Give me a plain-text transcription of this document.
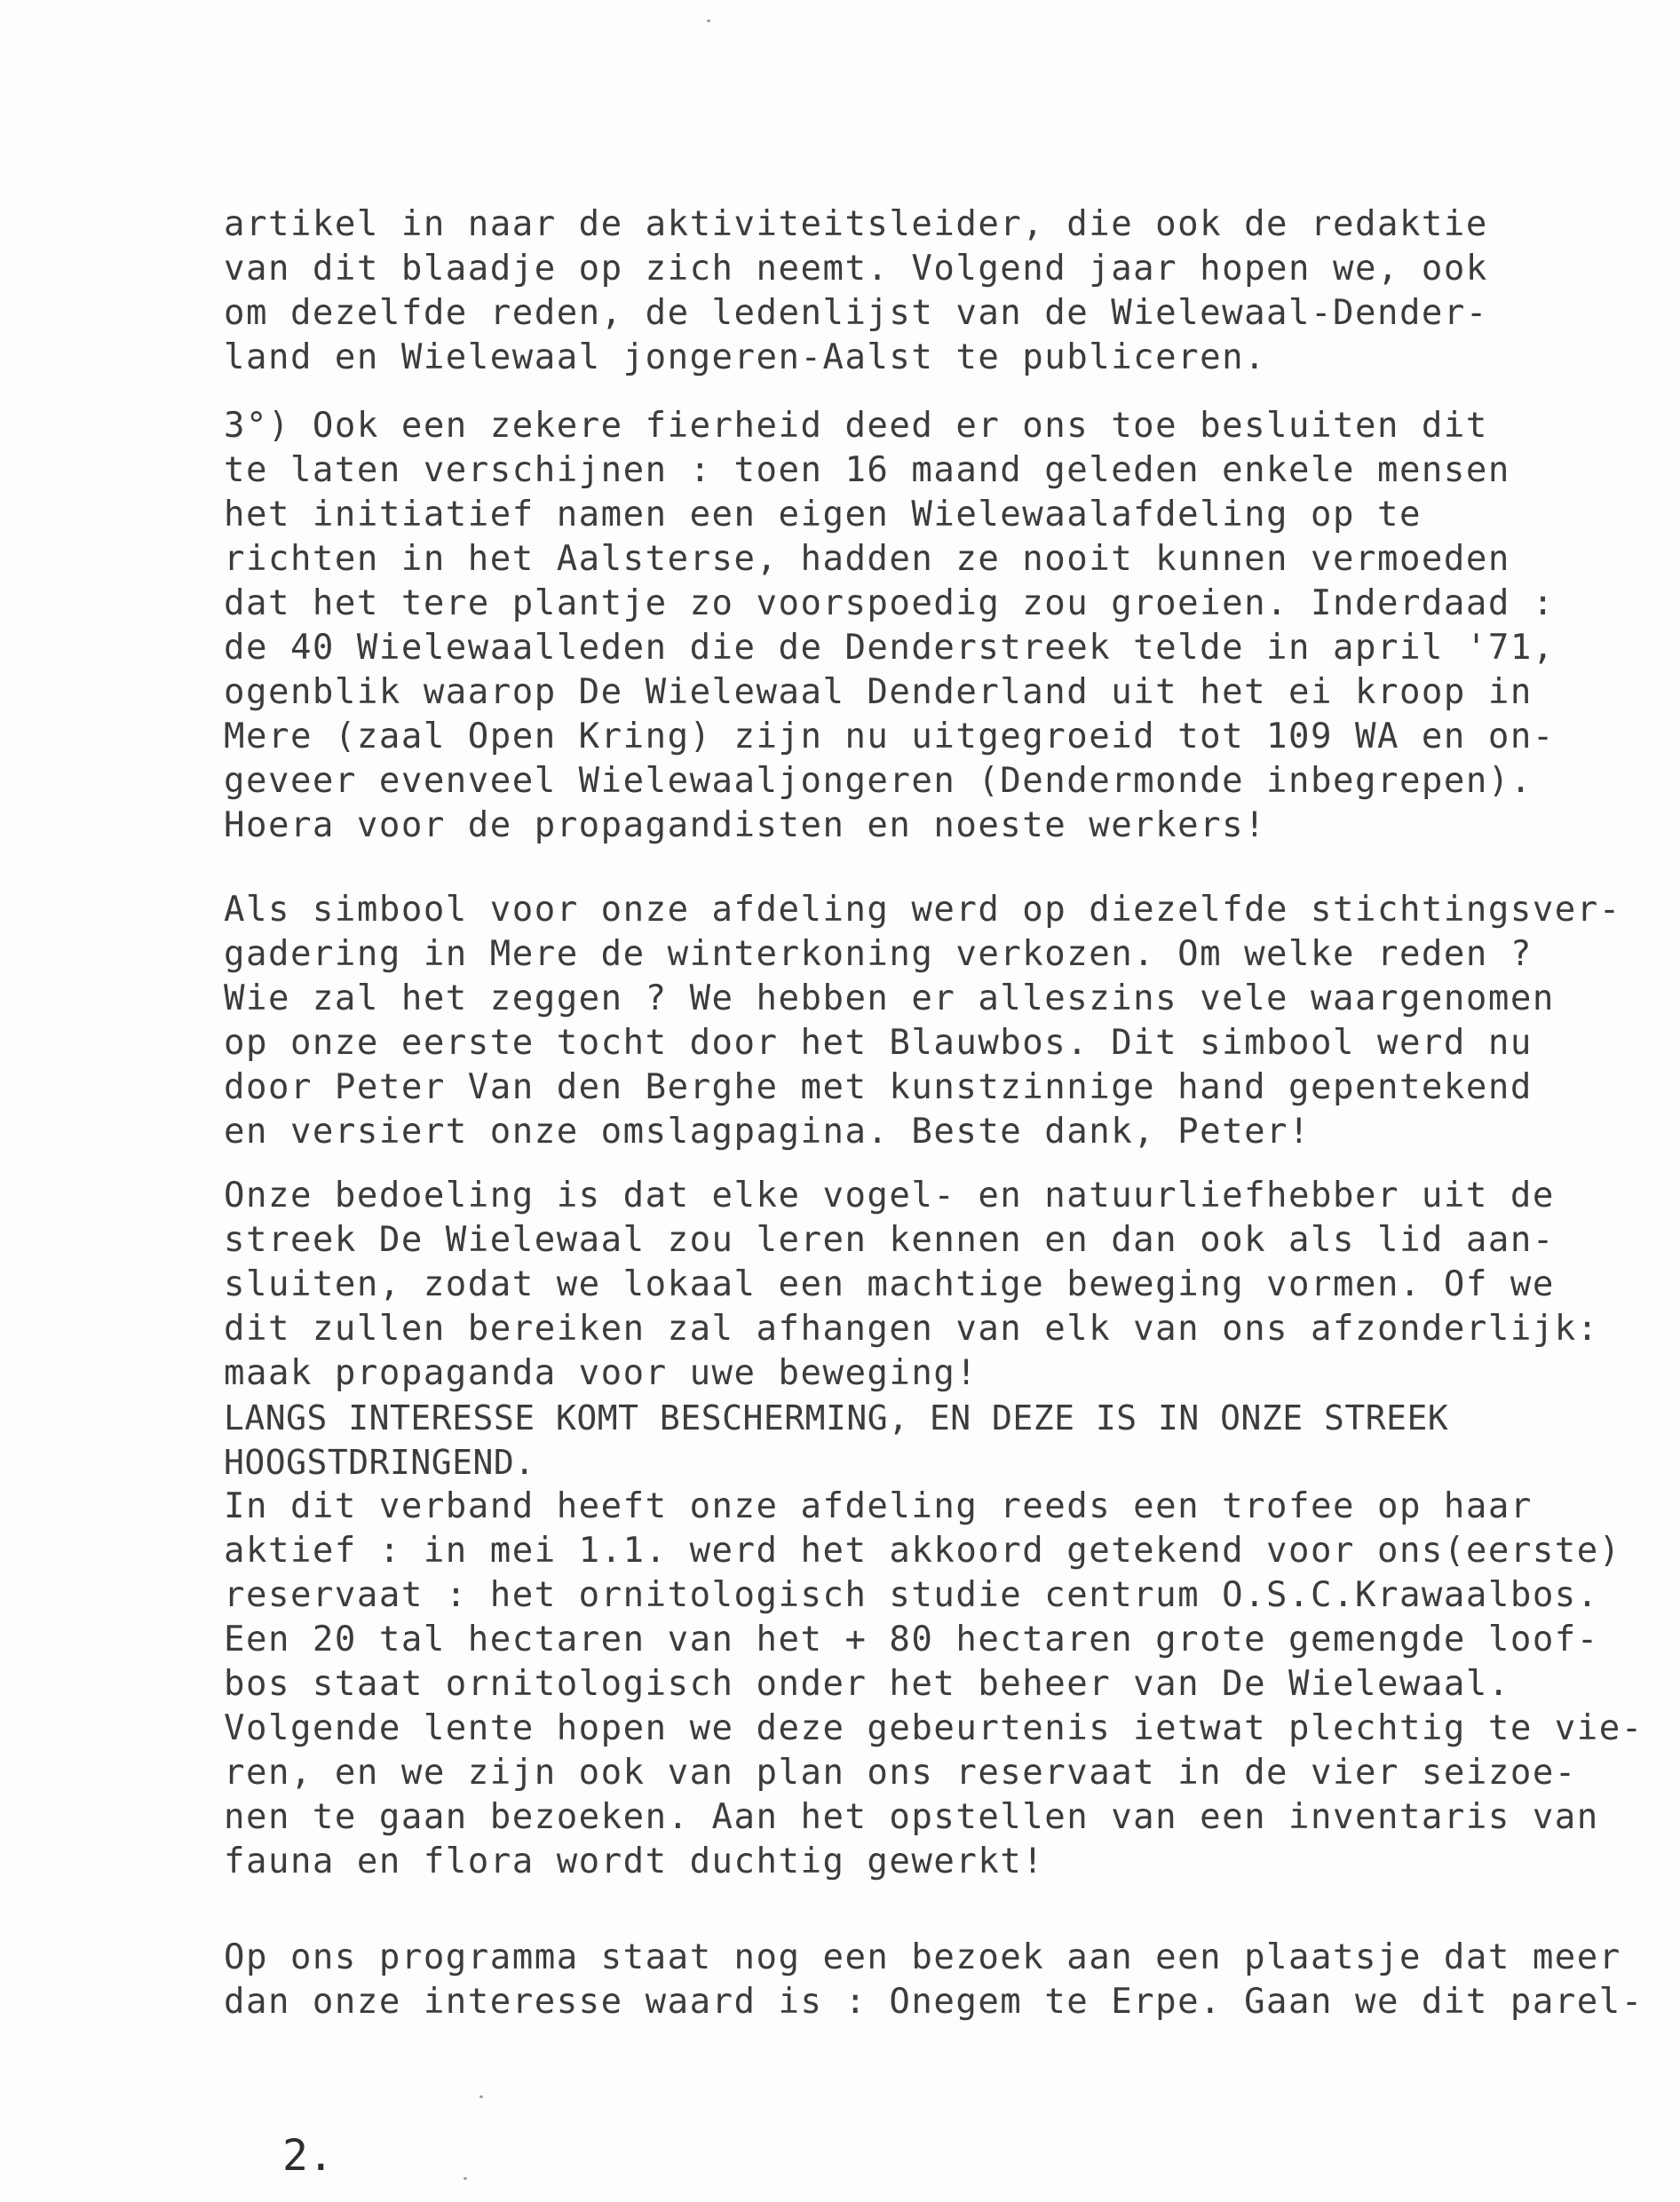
artikel in naar de aktiviteitsleider, die ook de redaktie
van dit blaadje op zich neemt. Volgend jaar hopen we, ook
om dezelfde reden, de ledenlijst van de Wielewaal-Dender-
land en Wielewaal jongeren-Aalst te publiceren.
3°) Ook een zekere fierheid deed er ons toe besluiten dit
te laten verschijnen : toen 16 maand geleden enkele mensen
het initiatief namen een eigen Wielewaalafdeling op te
richten in het Aalsterse, hadden ze nooit kunnen vermoeden
dat het tere plantje zo voorspoedig zou groeien. Inderdaad :
de 40 Wielewaalleden die de Denderstreek telde in april '71,
ogenblik waarop De Wielewaal Denderland uit het ei kroop in
Mere (zaal Open Kring) zijn nu uitgegroeid tot 109 WA en on-
geveer evenveel Wielewaaljongeren (Dendermonde inbegrepen).
Hoera voor de propagandisten en noeste werkers!
Als simbool voor onze afdeling werd op diezelfde stichtingsver-
gadering in Mere de winterkoning verkozen. Om welke reden ?
Wie zal het zeggen ? We hebben er alleszins vele waargenomen
op onze eerste tocht door het Blauwbos. Dit simbool werd nu
door Peter Van den Berghe met kunstzinnige hand gepentekend
en versiert onze omslagpagina. Beste dank, Peter!
Onze bedoeling is dat elke vogel- en natuurliefhebber uit de
streek De Wielewaal zou leren kennen en dan ook als lid aan-
sluiten, zodat we lokaal een machtige beweging vormen. Of we
dit zullen bereiken zal afhangen van elk van ons afzonderlijk:
maak propaganda voor uwe beweging!
LANGS INTERESSE KOMT BESCHERMING, EN DEZE IS IN ONZE STREEK
HOOGSTDRINGEND.
In dit verband heeft onze afdeling reeds een trofee op haar
aktief : in mei 1.1. werd het akkoord getekend voor ons(eerste)
reservaat : het ornitologisch studie centrum O.S.C.Krawaalbos.
Een 20 tal hectaren van het + 80 hectaren grote gemengde loof-
bos staat ornitologisch onder het beheer van De Wielewaal.
Volgende lente hopen we deze gebeurtenis ietwat plechtig te vie-
ren, en we zijn ook van plan ons reservaat in de vier seizoe-
nen te gaan bezoeken. Aan het opstellen van een inventaris van
fauna en flora wordt duchtig gewerkt!
Op ons programma staat nog een bezoek aan een plaatsje dat meer
dan onze interesse waard is : Onegem te Erpe. Gaan we dit parel-
2.
